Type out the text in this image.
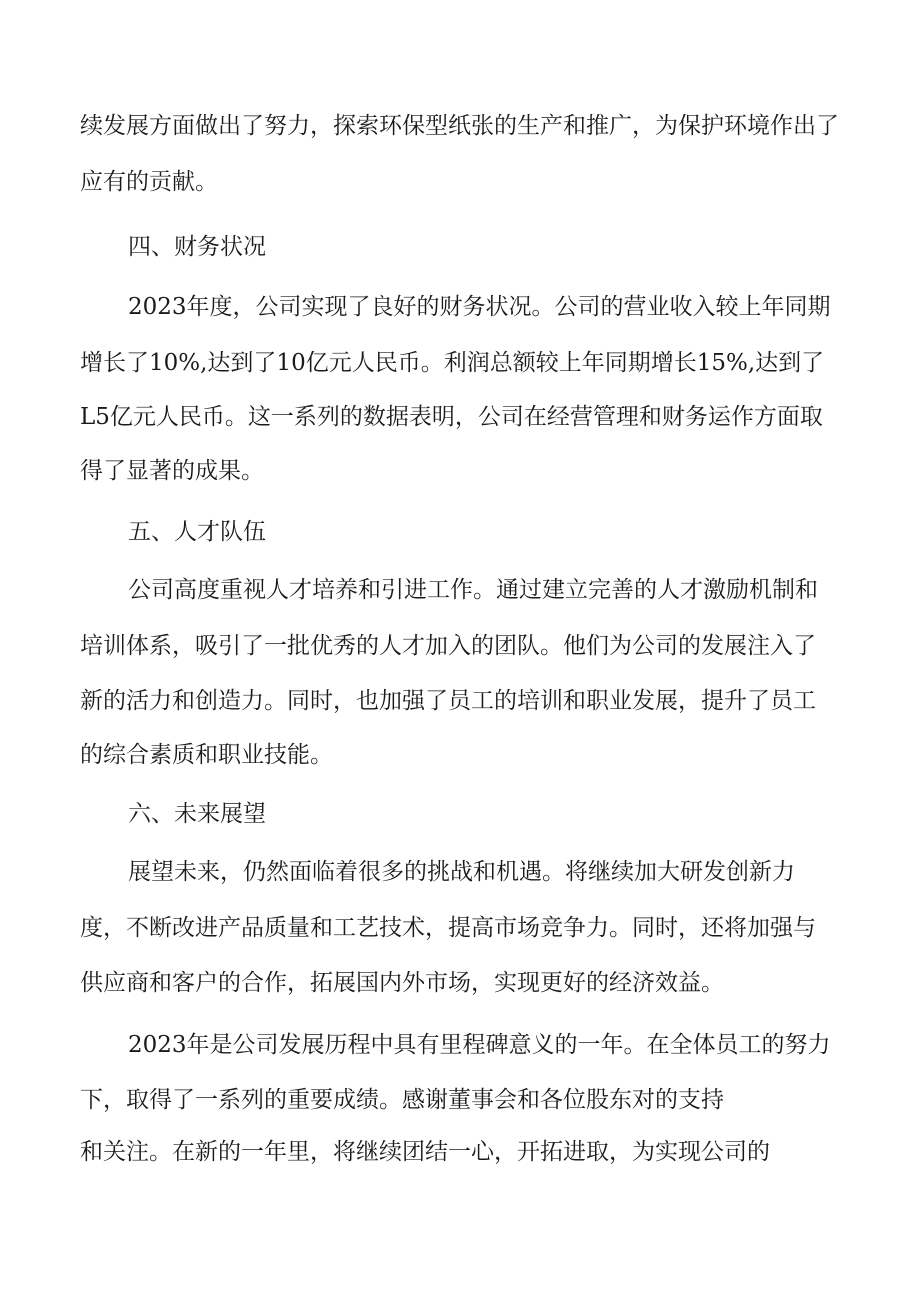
续发展方面做出了努力，探索环保型纸张的生产和推广，为保护环境作出了
应有的贡献。
四、财务状况
2023年度，公司实现了良好的财务状况。公司的营业收入较上年同期
增长了10%,达到了10亿元人民币。利润总额较上年同期增长15%,达到了
L5亿元人民币。这一系列的数据表明，公司在经营管理和财务运作方面取
得了显著的成果。
五、人才队伍
公司高度重视人才培养和引进工作。通过建立完善的人才激励机制和
培训体系，吸引了一批优秀的人才加入的团队。他们为公司的发展注入了
新的活力和创造力。同时，也加强了员工的培训和职业发展，提升了员工
的综合素质和职业技能。
六、未来展望
展望未来，仍然面临着很多的挑战和机遇。将继续加大研发创新力
度，不断改进产品质量和工艺技术，提高市场竞争力。同时，还将加强与
供应商和客户的合作，拓展国内外市场，实现更好的经济效益。
2023年是公司发展历程中具有里程碑意义的一年。在全体员工的努力
下，取得了一系列的重要成绩。感谢董事会和各位股东对的支持
和关注。在新的一年里，将继续团结一心，开拓进取，为实现公司的
